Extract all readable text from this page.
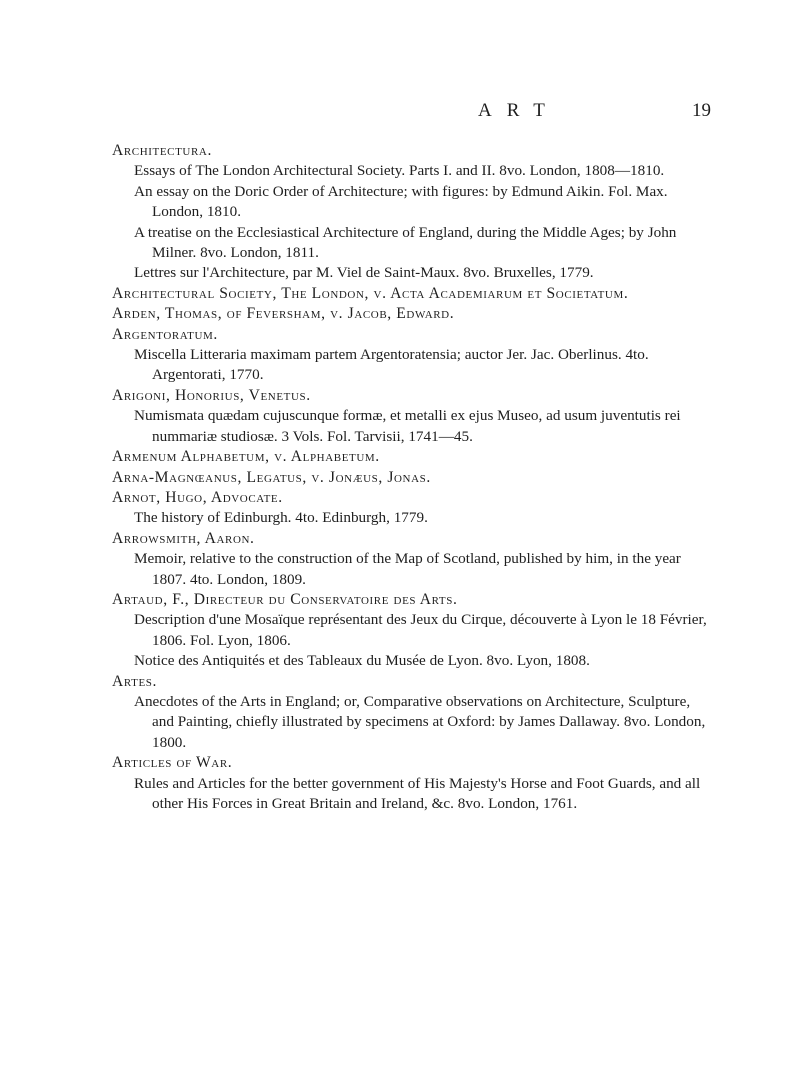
ART	19

Architectura.

Essays of The London Architectural Society. Parts I. and II. 8vo. London, 1808—1810.

An essay on the Doric Order of Architecture; with figures: by Edmund Aikin. Fol. Max. London, 1810.

A treatise on the Ecclesiastical Architecture of England, during the Middle Ages; by John Milner. 8vo. London, 1811.

Lettres sur l'Architecture, par M. Viel de Saint-Maux. 8vo. Bruxelles, 1779.

Architectural Society, The London, v. Acta Academiarum et Societatum.

Arden, Thomas, of Feversham, v. Jacob, Edward.

Argentoratum.

Miscella Litteraria maximam partem Argentoratensia; auctor Jer. Jac. Oberlinus. 4to. Argentorati, 1770.

Arigoni, Honorius, Venetus.

Numismata quædam cujuscunque formæ, et metalli ex ejus Museo, ad usum juventutis rei nummariæ studiosæ. 3 Vols. Fol. Tarvisii, 1741—45.

Armenum Alphabetum, v. Alphabetum.

Arna-Magnœanus, Legatus, v. Jonæus, Jonas.

Arnot, Hugo, Advocate.

The history of Edinburgh. 4to. Edinburgh, 1779.

Arrowsmith, Aaron.

Memoir, relative to the construction of the Map of Scotland, published by him, in the year 1807. 4to. London, 1809.

Artaud, F., Directeur du Conservatoire des Arts.

Description d'une Mosaïque représentant des Jeux du Cirque, découverte à Lyon le 18 Février, 1806. Fol. Lyon, 1806.

Notice des Antiquités et des Tableaux du Musée de Lyon. 8vo. Lyon, 1808.

Artes.

Anecdotes of the Arts in England; or, Comparative observations on Architecture, Sculpture, and Painting, chiefly illustrated by specimens at Oxford: by James Dallaway. 8vo. London, 1800.

Articles of War.

Rules and Articles for the better government of His Majesty's Horse and Foot Guards, and all other His Forces in Great Britain and Ireland, &c. 8vo. London, 1761.
